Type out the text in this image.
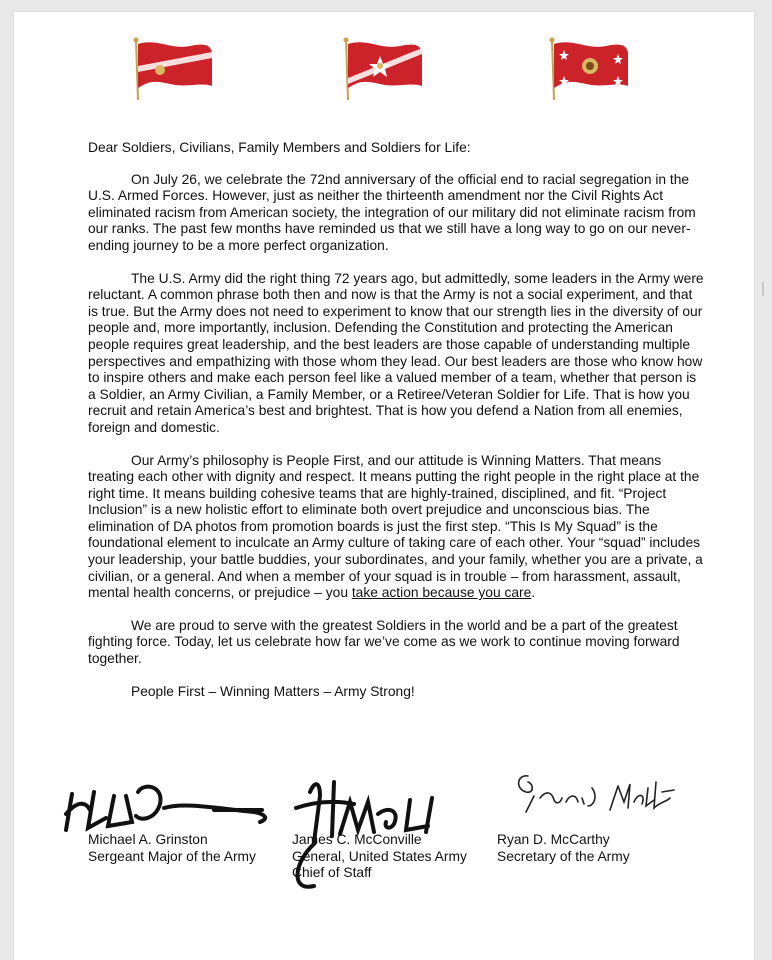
Dear Soldiers, Civilians, Family Members and Soldiers for Life:

On July 26, we celebrate the 72nd anniversary of the official end to racial segregation in the U.S. Armed Forces. However, just as neither the thirteenth amendment nor the Civil Rights Act eliminated racism from American society, the integration of our military did not eliminate racism from our ranks. The past few months have reminded us that we still have a long way to go on our never-ending journey to be a more perfect organization.

The U.S. Army did the right thing 72 years ago, but admittedly, some leaders in the Army were reluctant. A common phrase both then and now is that the Army is not a social experiment, and that is true. But the Army does not need to experiment to know that our strength lies in the diversity of our people and, more importantly, inclusion. Defending the Constitution and protecting the American people requires great leadership, and the best leaders are those capable of understanding multiple perspectives and empathizing with those whom they lead. Our best leaders are those who know how to inspire others and make each person feel like a valued member of a team, whether that person is a Soldier, an Army Civilian, a Family Member, or a Retiree/Veteran Soldier for Life. That is how you recruit and retain America’s best and brightest. That is how you defend a Nation from all enemies, foreign and domestic.

Our Army’s philosophy is People First, and our attitude is Winning Matters. That means treating each other with dignity and respect. It means putting the right people in the right place at the right time. It means building cohesive teams that are highly-trained, disciplined, and fit. “Project Inclusion” is a new holistic effort to eliminate both overt prejudice and unconscious bias. The elimination of DA photos from promotion boards is just the first step. “This Is My Squad” is the foundational element to inculcate an Army culture of taking care of each other. Your “squad” includes your leadership, your battle buddies, your subordinates, and your family, whether you are a private, a civilian, or a general. And when a member of your squad is in trouble – from harassment, assault, mental health concerns, or prejudice – you take action because you care.

We are proud to serve with the greatest Soldiers in the world and be a part of the greatest fighting force. Today, let us celebrate how far we’ve come as we work to continue moving forward together.

People First – Winning Matters – Army Strong!

Michael A. Grinston
Sergeant Major of the Army
James C. McConville
General, United States Army
Chief of Staff
Ryan D. McCarthy
Secretary of the Army
